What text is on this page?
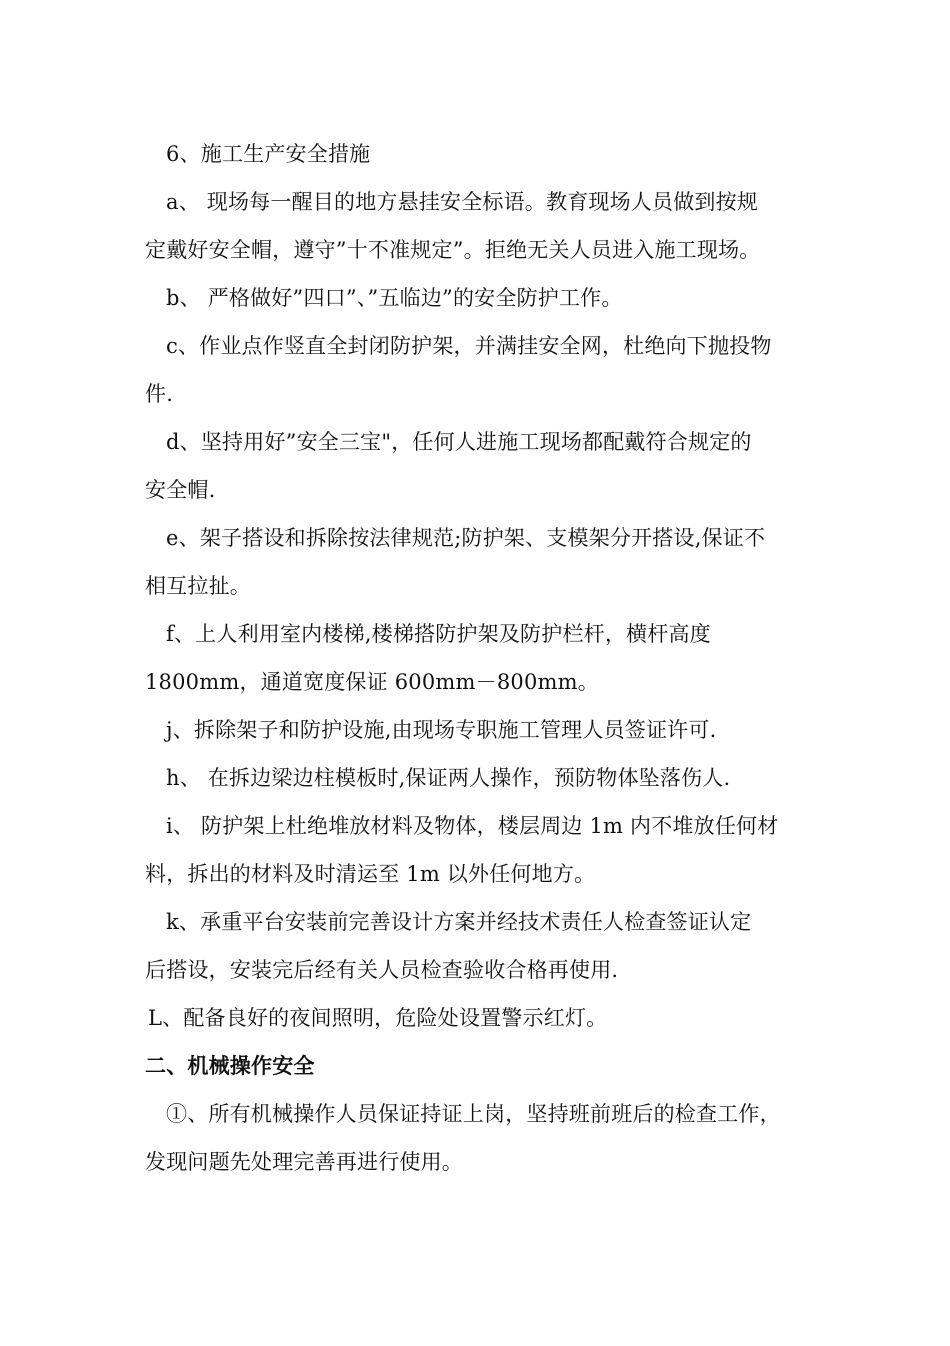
6、施工生产安全措施
a、 现场每一醒目的地方悬挂安全标语。教育现场人员做到按规
定戴好安全帽，遵守”十不准规定”。拒绝无关人员进入施工现场。
b、 严格做好”四口”、”五临边”的安全防护工作。
c、作业点作竖直全封闭防护架，并满挂安全网，杜绝向下抛投物
件.
d、坚持用好”安全三宝"，任何人进施工现场都配戴符合规定的
安全帽.
e、架子搭设和拆除按法律规范;防护架、支模架分开搭设,保证不
相互拉扯。
f、上人利用室内楼梯,楼梯搭防护架及防护栏杆，横杆高度
1800mm，通道宽度保证 600mm－800mm。
j、拆除架子和防护设施,由现场专职施工管理人员签证许可.
h、 在拆边梁边柱模板时,保证两人操作，预防物体坠落伤人.
i、 防护架上杜绝堆放材料及物体，楼层周边 1m 内不堆放任何材
料，拆出的材料及时清运至 1m 以外任何地方。
k、承重平台安装前完善设计方案并经技术责任人检查签证认定
后搭设，安装完后经有关人员检查验收合格再使用.
L、配备良好的夜间照明，危险处设置警示红灯。
二、机械操作安全
①、所有机械操作人员保证持证上岗，坚持班前班后的检查工作，
发现问题先处理完善再进行使用。
